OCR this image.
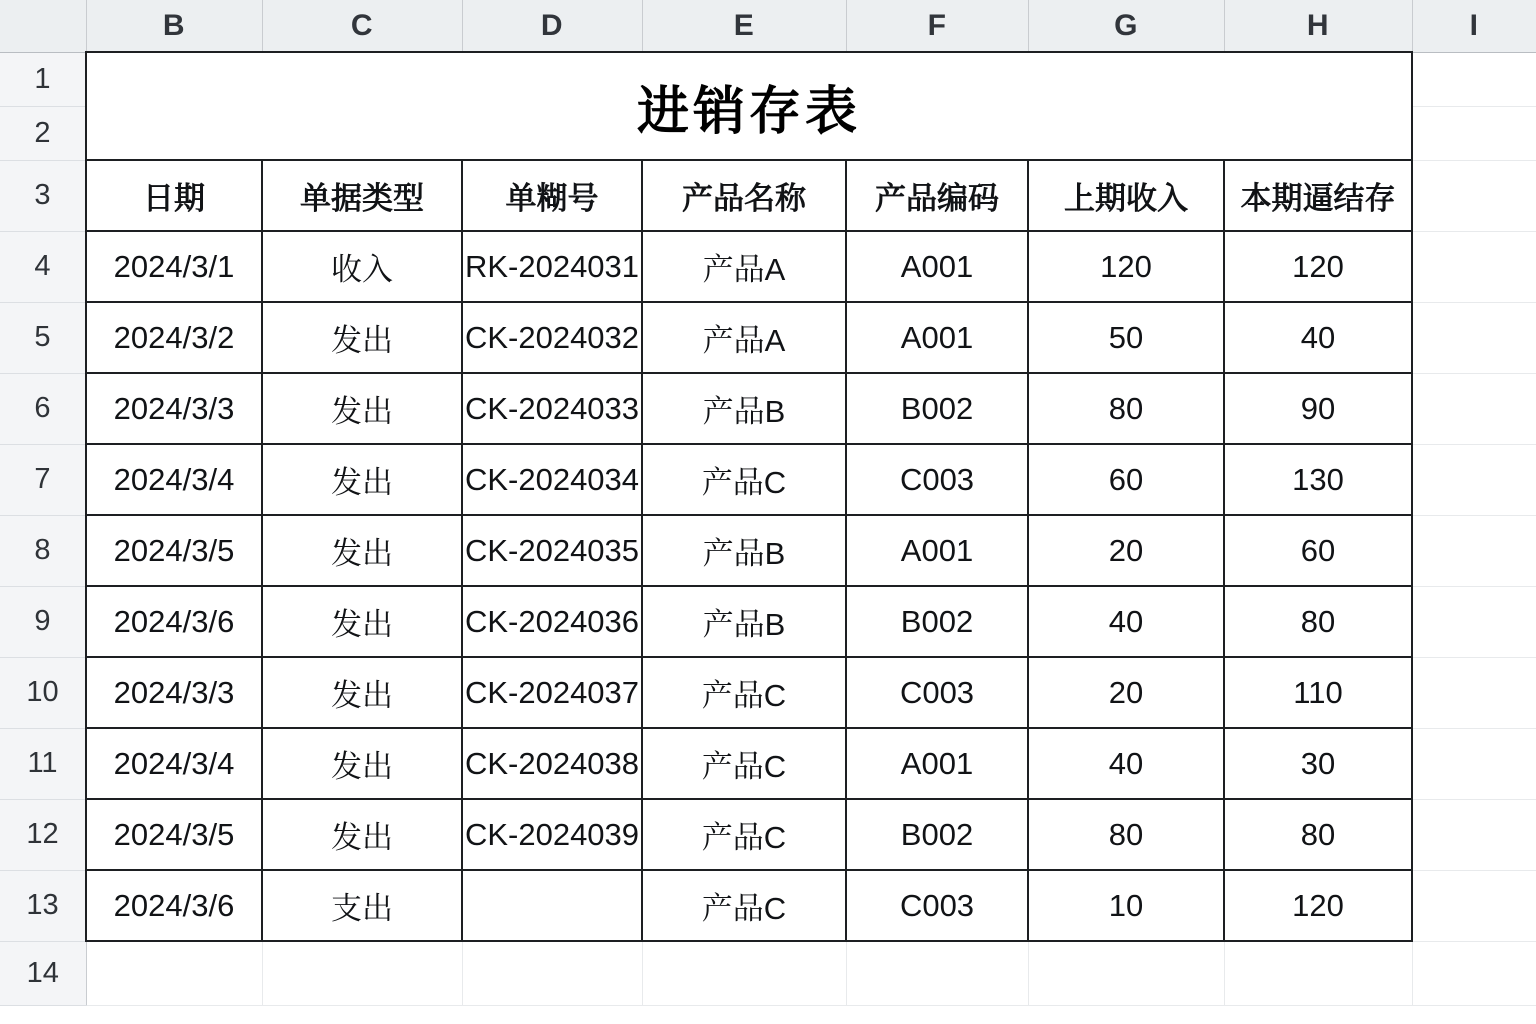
	B	C	D	E	F	G	H	I
1	进销存表							
2								
3	日期	单据类型	单糊号	产品名称	产品编码	上期收入	本期逼结存	
4	2024/3/1	收入	RK-2024031	产品A	A001	120	120	
5	2024/3/2	发出	CK-2024032	产品A	A001	50	40	
6	2024/3/3	发出	CK-2024033	产品B	B002	80	90	
7	2024/3/4	发出	CK-2024034	产品C	C003	60	130	
8	2024/3/5	发出	CK-2024035	产品B	A001	20	60	
9	2024/3/6	发出	CK-2024036	产品B	B002	40	80	
10	2024/3/3	发出	CK-2024037	产品C	C003	20	110	
11	2024/3/4	发出	CK-2024038	产品C	A001	40	30	
12	2024/3/5	发出	CK-2024039	产品C	B002	80	80	
13	2024/3/6	支出		产品C	C003	10	120	
14								
